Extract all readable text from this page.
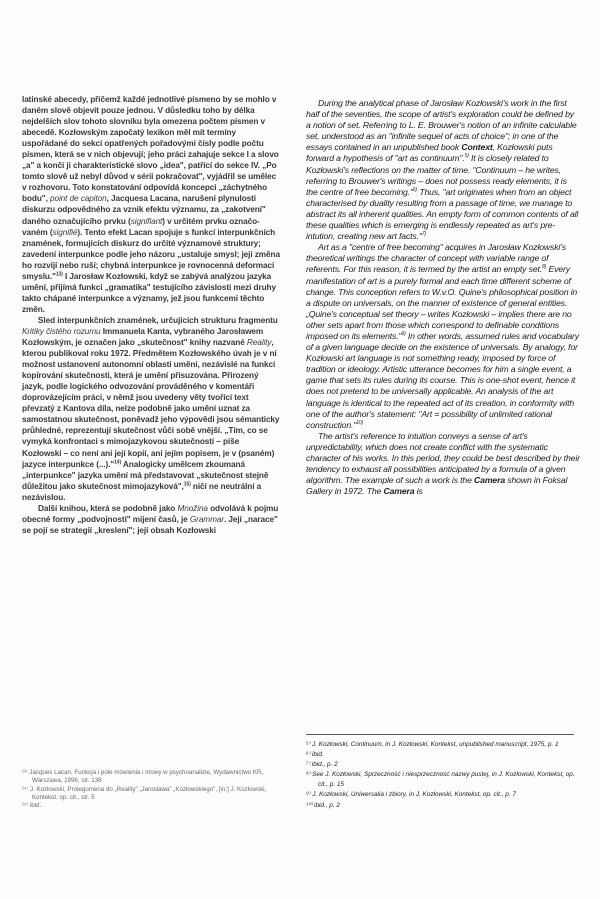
latinské abecedy, přičemž každé jednotlivé písmeno by se mohlo v daném slově objevit pouze jednou. V důsledku toho by délka nejdelších slov tohoto slovníku byla omezena počtem písmen v abecedě. Kozłowským započatý lexikon měl mít termíny uspořádané do sekcí opatřených pořadovými čísly podle počtu písmen, která se v nich objevují; jeho práci zahajuje sekce I a slovo „a" a končí ji charakteristické slovo „idea", patřící do sekce IV. „Po tomto slově už nebyl důvod v sérii pokračovat", vyjádřil se umělec v rozhovoru. Toto konstatování odpovídá koncepci „záchytného bodu", point de capiton, Jacquesa Lacana, narušení plynulosti diskurzu odpovědného za vznik efektu významu, za „zakotvení" daného označujícího prvku (signifiant) v určitém prvku označo-vaném (signifié). Tento efekt Lacan spojuje s funkcí interpunkčních znamének, formujících diskurz do určité významové struktury; zavedení interpunkce podle jeho názoru „ustaluje smysl; její změna ho rozvíjí nebo ruší; chybná interpunkce je rovnocenná deformaci smyslu."$^{13)}$ I Jarosław Kozłowski, když se zabývá analýzou jazyka umění, přijímá funkci „gramatika" testujícího závislosti mezi druhy takto chápané interpunkce a významy, jež jsou funkcemi těchto změn.

Sled interpunkčních znamének, určujících strukturu fragmentu Kritiky čistého rozumu Immanuela Kanta, vybraného Jarosławem Kozłowským, je označen jako „skutečnost" knihy nazvané Reality, kterou publikoval roku 1972. Předmětem Kozłowského úvah je v ní možnost ustanovení autonomní oblasti umění, nezávislé na funkci kopírování skutečnosti, která je umění přisuzována. Přirozený jazyk, podle logického odvozování prováděného v komentáři doprovázejícím práci, v němž jsou uvedeny věty tvořící text převzatý z Kantova díla, nelze podobně jako umění uznat za samostatnou skutečnost, poněvadž jeho výpovědi jsou sémanticky průhledné, reprezentují skutečnost vůči sobě vnější. „Tím, co se vymyká konfrontaci s mimojazykovou skutečností – píše Kozłowski – co není ani její kopií, ani jejím popisem, je v (psaném) jazyce interpunkce (...)."$^{14)}$ Analogicky umělcem zkoumaná „interpunkce" jazyka umění má představovat „skutečnost stejně důležitou jako skutečnost mimojazyková",$^{15)}$ ničí ne neutrální a nezávislou.

Další knihou, která se podobně jako Množina odvolává k pojmu obecné formy „podvojnosti" mijení časů, je Grammar. Její „narace" se pojí se strategií „kreslení"; její obsah Kozłowski

¹³⁾ Jacques Lacan, Funkcja i pole mówienia i mowy w psychoanalizie, Wydawnictwo KR, Warszawa, 1996, str. 138
¹⁴⁾ J. Kozłowski, Prolegomena do „Reality" „Jarosława" „Kozłowskiego", [in:] J. Kozłowski, Kontekst, op. cit., str. 5
¹⁵⁾ ibid.

During the analytical phase of Jarosław Kozłowski's work in the first half of the seventies, the scope of artist's exploration could be defined by a notion of set. Referring to L. E. Brouwer's notion of an infinite calculable set, understood as an "infinite sequel of acts of choice"; in one of the essays contained in an unpublished book Context, Kozłowski puts forward a hypothesis of "art as continuum".$^{5)}$ It is closely related to Kozłowski's reflections on the matter of time. "Continuum – he writes, referring to Brouwer's writings – does not possess ready elements, it is the centre of free becoming."$^{6)}$ Thus, "art originates when from an object characterised by duality resulting from a passage of time, we manage to abstract its all inherent qualities. An empty form of common contents of all these qualities which is emerging is endlessly repeated as art's pre-intution, creating new art facts."$^{7)}$

Art as a "centre of free becoming" acquires in Jarosław Kozłowski's theoretical writings the character of concept with variable range of referents. For this reason, it is termed by the artist an empty set.$^{8)}$ Every manifestation of art is a purely formal and each time different scheme of change. This conception refers to W.v.O. Quine's philosophical position in a dispute on universals, on the manner of existence of general entities. „Quine's conceptual set theory – writes Kozłowski – implies there are no other sets apart from those which correspond to definable conditions imposed on its elements."$^{9)}$ In other words, assumed rules and vocabulary of a given language decide on the existence of universals. By analogy, for Kozłowski art language is not something ready, imposed by force of tradition or ideology. Artistic utterance becomes for him a single event, a game that sets its rules during its course. This is one-shot event, hence it does not pretend to be universally applicable. An analysis of the art language is identical to the repeated act of its creation, in conformity with one of the author's statement: "Art = possibility of unlimited rational construction."$^{10)}$

The artist's reference to intuition conveys a sense of art's unpredictability, which does not create conflict with the systematic character of his works. In this period, they could be best described by their tendency to exhaust all possibilities anticipated by a formula of a given algorithm. The example of such a work is the Camera shown in Foksal Gallery in 1972. The Camera is

⁵⁾ J. Kozłowski, Continuum, in J. Kozłowski, Kontekst, unpublished manuscript, 1975, p. 1
⁶⁾ ibid.
⁷⁾ ibid., p. 2
⁸⁾ See J. Kozłowski, Sprzeczność i niesprzeczność nazwy pustej, in J. Kozłowski, Kontekst, op. cit., p. 15
⁹⁾ J. Kozłowski, Uniwersalia i zbiory, in J. Kozłowski, Kontekst, op. cit., p. 7
¹⁰⁾ ibid., p. 2
